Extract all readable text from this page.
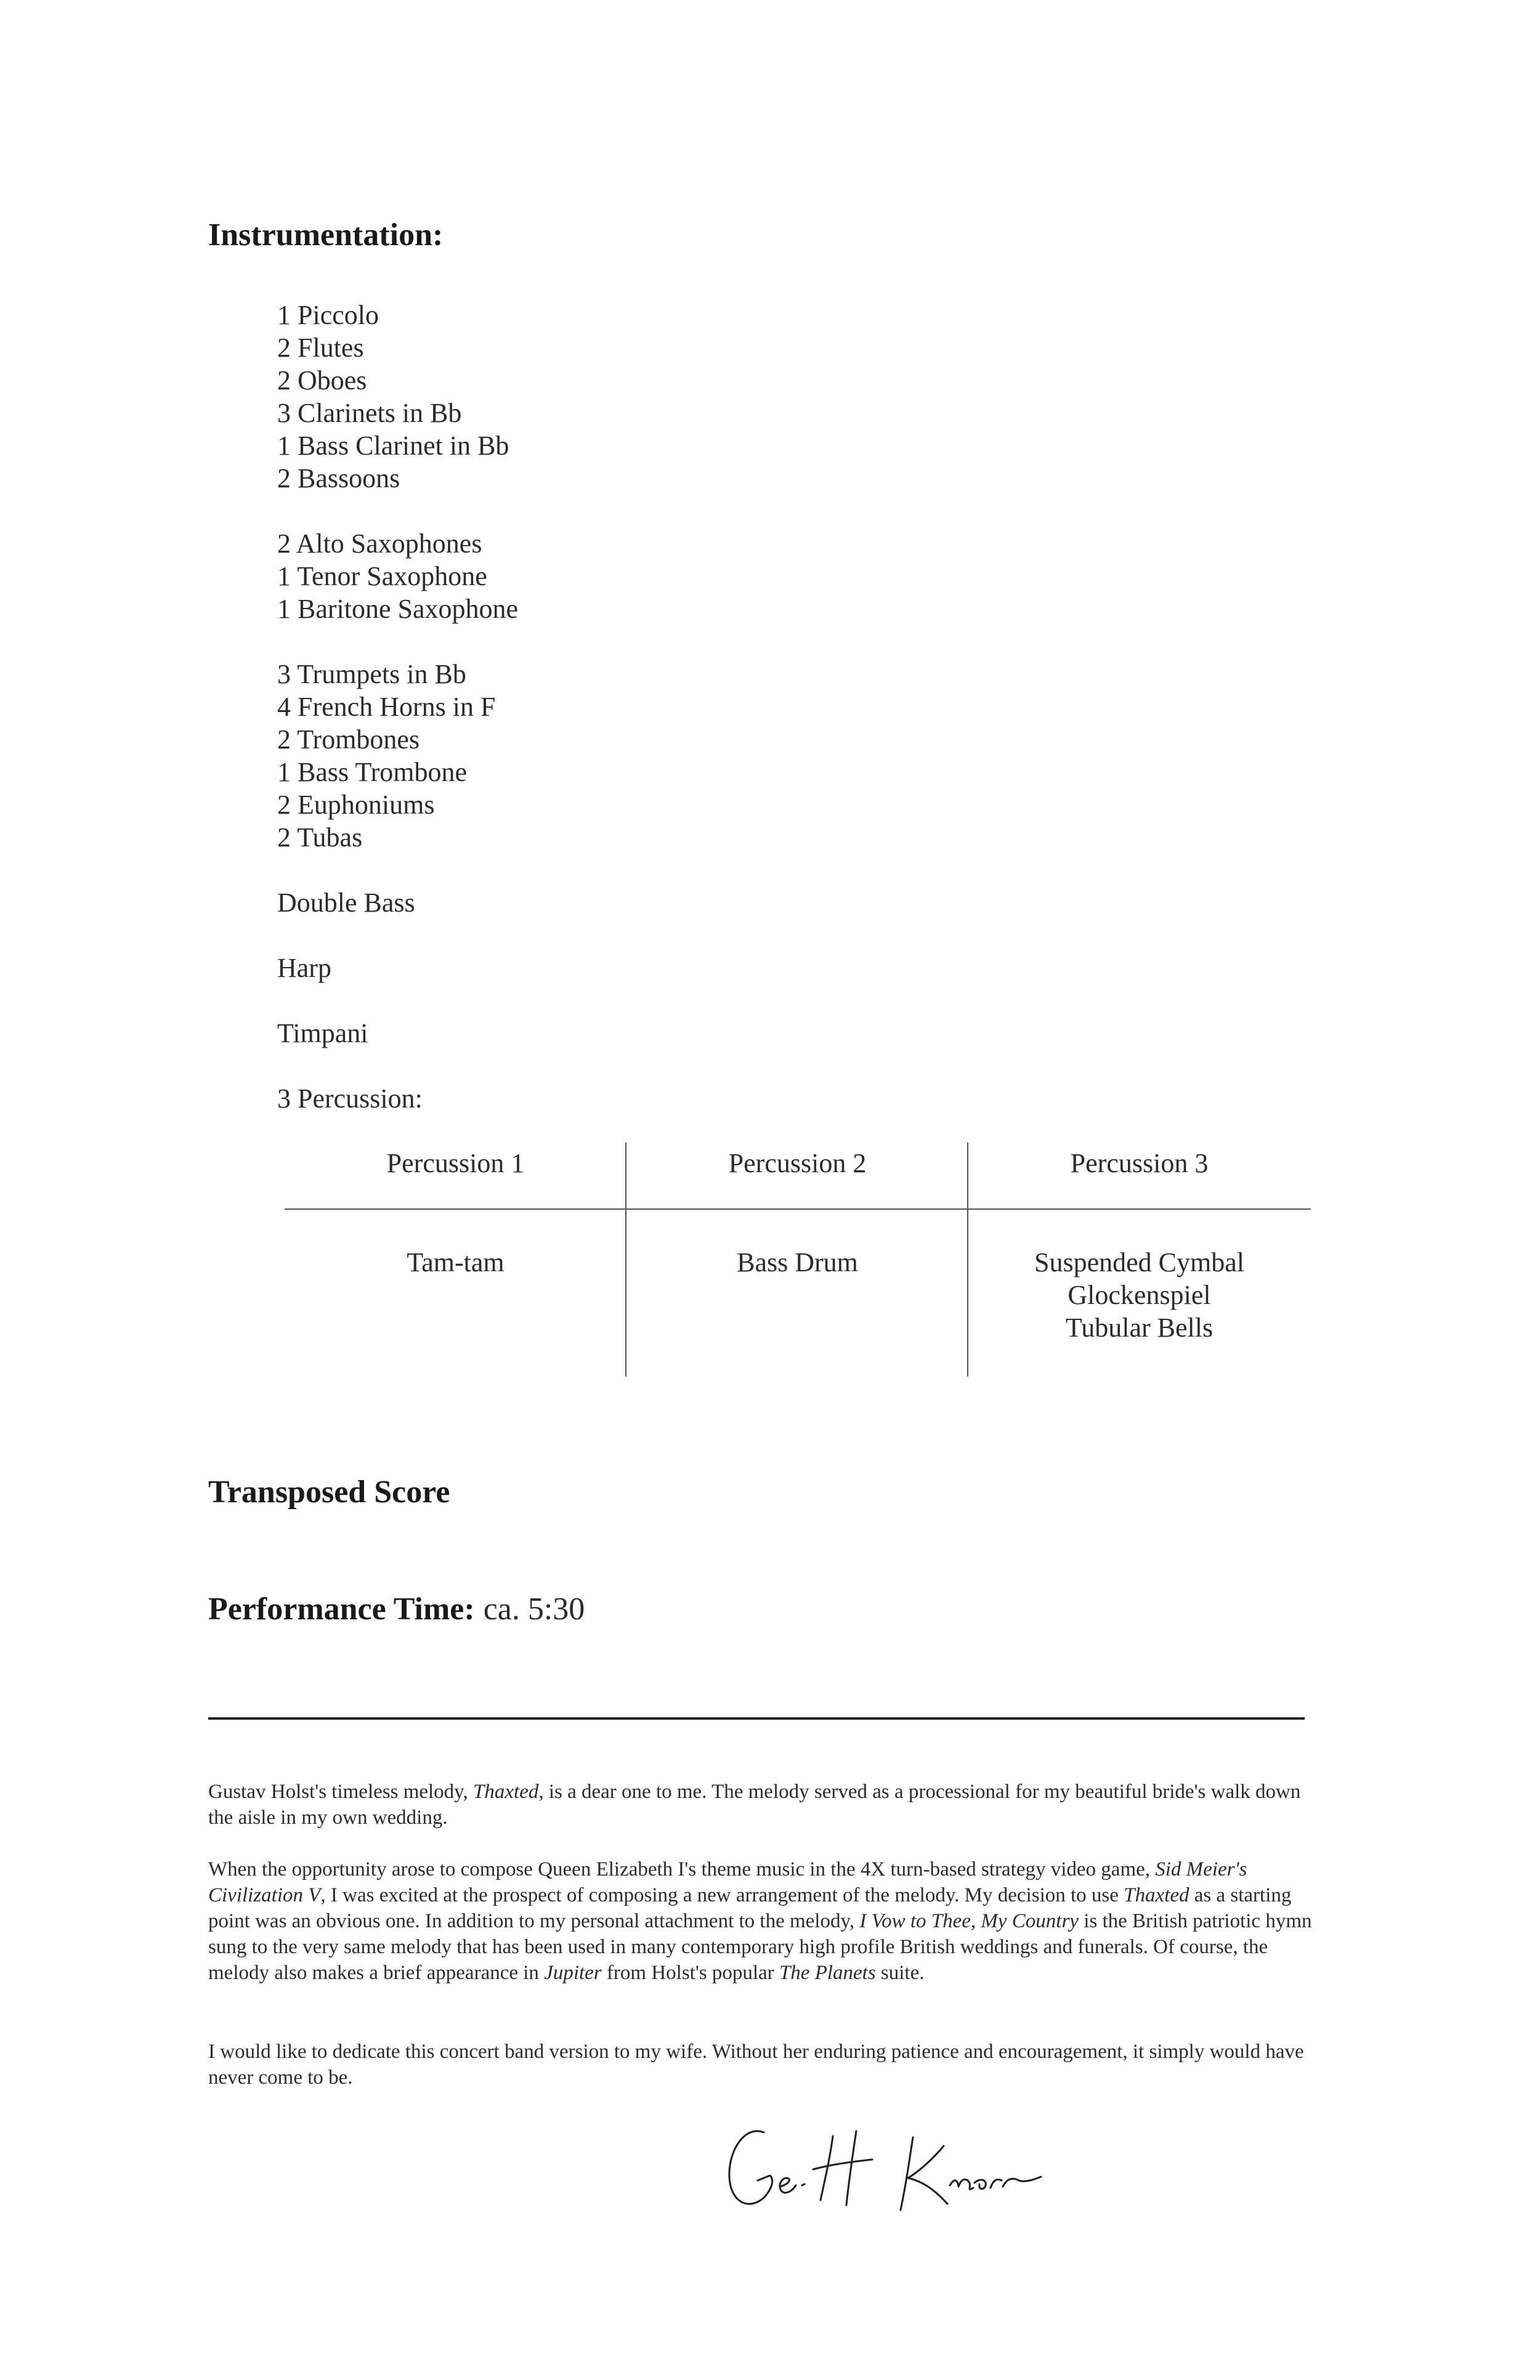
Instrumentation:
1 Piccolo
2 Flutes
2 Oboes
3 Clarinets in Bb
1 Bass Clarinet in Bb
2 Bassoons
2 Alto Saxophones
1 Tenor Saxophone
1 Baritone Saxophone
3 Trumpets in Bb
4 French Horns in F
2 Trombones
1 Bass Trombone
2 Euphoniums
2 Tubas
Double Bass
Harp
Timpani
3 Percussion:
Percussion 1
Tam-tam
Percussion 2
Bass Drum
Percussion 3
Suspended Cymbal
Glockenspiel
Tubular Bells
Transposed Score
Performance Time: ca. 5:30

Gustav Holst's timeless melody, Thaxted, is a dear one to me. The melody served as a processional for my beautiful bride's walk down the aisle in my own wedding.

When the opportunity arose to compose Queen Elizabeth I's theme music in the 4X turn-based strategy video game, Sid Meier's Civilization V, I was excited at the prospect of composing a new arrangement of the melody. My decision to use Thaxted as a starting point was an obvious one. In addition to my personal attachment to the melody, I Vow to Thee, My Country is the British patriotic hymn sung to the very same melody that has been used in many contemporary high profile British weddings and funerals. Of course, the melody also makes a brief appearance in Jupiter from Holst's popular The Planets suite.

I would like to dedicate this concert band version to my wife. Without her enduring patience and encouragement, it simply would have never come to be.
